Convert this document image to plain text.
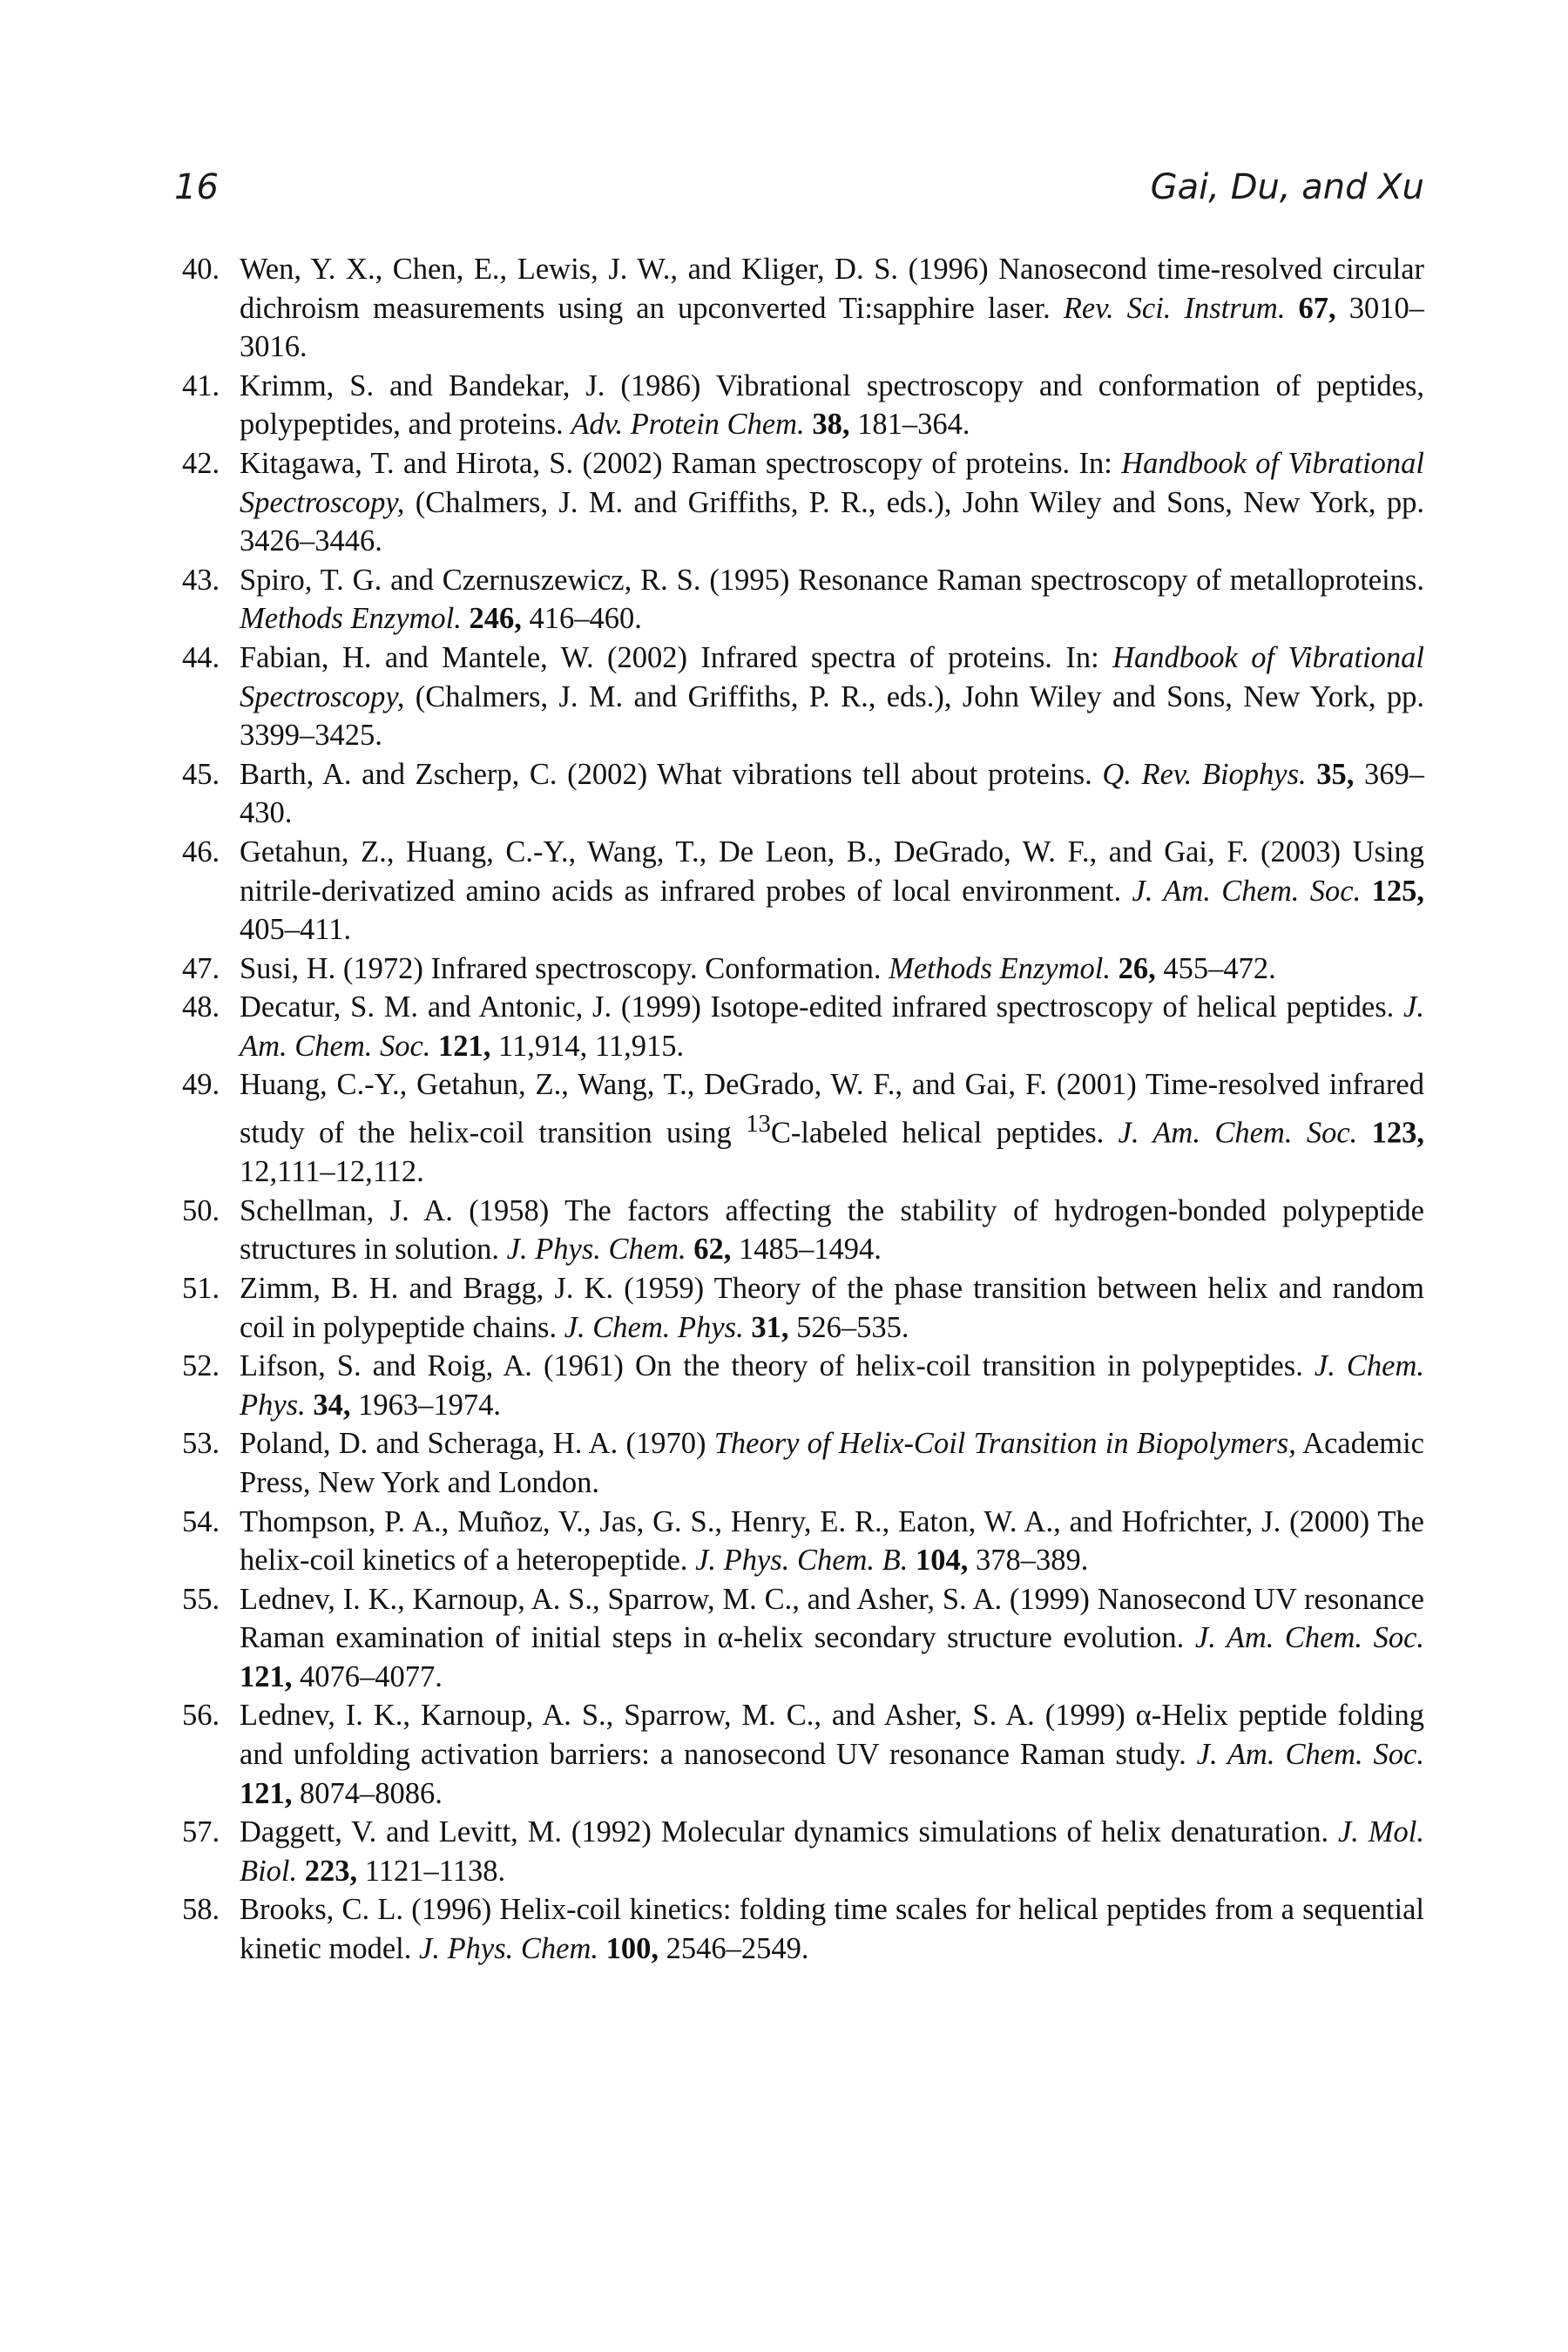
16	Gai, Du, and Xu
40. Wen, Y. X., Chen, E., Lewis, J. W., and Kliger, D. S. (1996) Nanosecond time-resolved circular dichroism measurements using an upconverted Ti:sapphire laser. Rev. Sci. Instrum. 67, 3010–3016.
41. Krimm, S. and Bandekar, J. (1986) Vibrational spectroscopy and conformation of peptides, polypeptides, and proteins. Adv. Protein Chem. 38, 181–364.
42. Kitagawa, T. and Hirota, S. (2002) Raman spectroscopy of proteins. In: Handbook of Vibrational Spectroscopy, (Chalmers, J. M. and Griffiths, P. R., eds.), John Wiley and Sons, New York, pp. 3426–3446.
43. Spiro, T. G. and Czernuszewicz, R. S. (1995) Resonance Raman spectroscopy of metalloproteins. Methods Enzymol. 246, 416–460.
44. Fabian, H. and Mantele, W. (2002) Infrared spectra of proteins. In: Handbook of Vibrational Spectroscopy, (Chalmers, J. M. and Griffiths, P. R., eds.), John Wiley and Sons, New York, pp. 3399–3425.
45. Barth, A. and Zscherp, C. (2002) What vibrations tell about proteins. Q. Rev. Biophys. 35, 369–430.
46. Getahun, Z., Huang, C.-Y., Wang, T., De Leon, B., DeGrado, W. F., and Gai, F. (2003) Using nitrile-derivatized amino acids as infrared probes of local environment. J. Am. Chem. Soc. 125, 405–411.
47. Susi, H. (1972) Infrared spectroscopy. Conformation. Methods Enzymol. 26, 455–472.
48. Decatur, S. M. and Antonic, J. (1999) Isotope-edited infrared spectroscopy of helical peptides. J. Am. Chem. Soc. 121, 11,914, 11,915.
49. Huang, C.-Y., Getahun, Z., Wang, T., DeGrado, W. F., and Gai, F. (2001) Time-resolved infrared study of the helix-coil transition using $^{13}$C-labeled helical peptides. J. Am. Chem. Soc. 123, 12,111–12,112.
50. Schellman, J. A. (1958) The factors affecting the stability of hydrogen-bonded polypeptide structures in solution. J. Phys. Chem. 62, 1485–1494.
51. Zimm, B. H. and Bragg, J. K. (1959) Theory of the phase transition between helix and random coil in polypeptide chains. J. Chem. Phys. 31, 526–535.
52. Lifson, S. and Roig, A. (1961) On the theory of helix-coil transition in polypeptides. J. Chem. Phys. 34, 1963–1974.
53. Poland, D. and Scheraga, H. A. (1970) Theory of Helix-Coil Transition in Biopolymers, Academic Press, New York and London.
54. Thompson, P. A., Muñoz, V., Jas, G. S., Henry, E. R., Eaton, W. A., and Hofrichter, J. (2000) The helix-coil kinetics of a heteropeptide. J. Phys. Chem. B. 104, 378–389.
55. Lednev, I. K., Karnoup, A. S., Sparrow, M. C., and Asher, S. A. (1999) Nanosecond UV resonance Raman examination of initial steps in α-helix secondary structure evolution. J. Am. Chem. Soc. 121, 4076–4077.
56. Lednev, I. K., Karnoup, A. S., Sparrow, M. C., and Asher, S. A. (1999) α-Helix peptide folding and unfolding activation barriers: a nanosecond UV resonance Raman study. J. Am. Chem. Soc. 121, 8074–8086.
57. Daggett, V. and Levitt, M. (1992) Molecular dynamics simulations of helix denaturation. J. Mol. Biol. 223, 1121–1138.
58. Brooks, C. L. (1996) Helix-coil kinetics: folding time scales for helical peptides from a sequential kinetic model. J. Phys. Chem. 100, 2546–2549.
